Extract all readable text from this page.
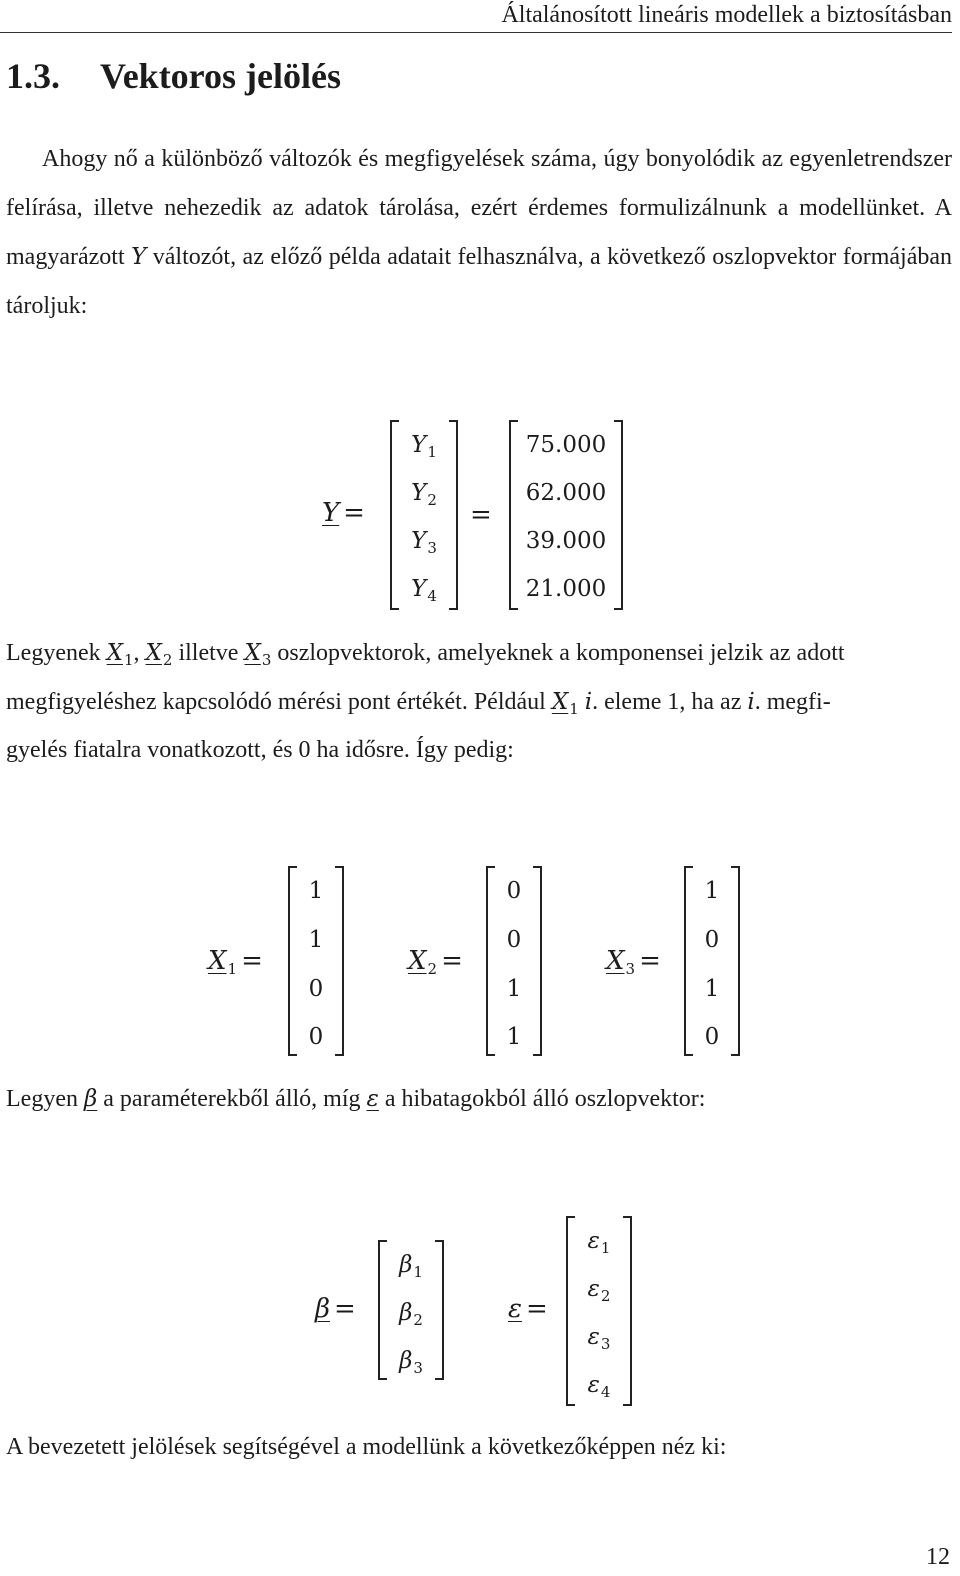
Általánosított lineáris modellek a biztosításban
1.3. Vektoros jelölés

Ahogy nő a különböző változók és megfigyelések száma, úgy bonyolódik az egyenletrendszer felírása, illetve nehezedik az adatok tárolása, ezért érdemes formulizálnunk a modellünket. A magyarázott Y változót, az előző példa adatait felhasználva, a következő oszlopvektor formájában tároljuk:

Y =
$Y_1$
$Y_2$
$Y_3$
$Y_4$
=
75.000
62.000
39.000
21.000
Legyenek $X_1$, $X_2$ illetve $X_3$ oszlopvektorok, amelyeknek a komponensei jelzik az adott
megfigyeléshez kapcsolódó mérési pont értékét. Például $X_1$ i. eleme 1, ha az i. megfi-
gyelés fiatalra vonatkozott, és 0 ha idősre. Így pedig:
X1 =
1
1
0
0
X2 =
0
0
1
1
X3 =
1
0
1
0
Legyen β a paraméterekből álló, míg ε a hibatagokból álló oszlopvektor:
β =
$\beta_1$
$\beta_2$
$\beta_3$
ε =
$\varepsilon_1$
$\varepsilon_2$
$\varepsilon_3$
$\varepsilon_4$
A bevezetett jelölések segítségével a modellünk a következőképpen néz ki:
12
